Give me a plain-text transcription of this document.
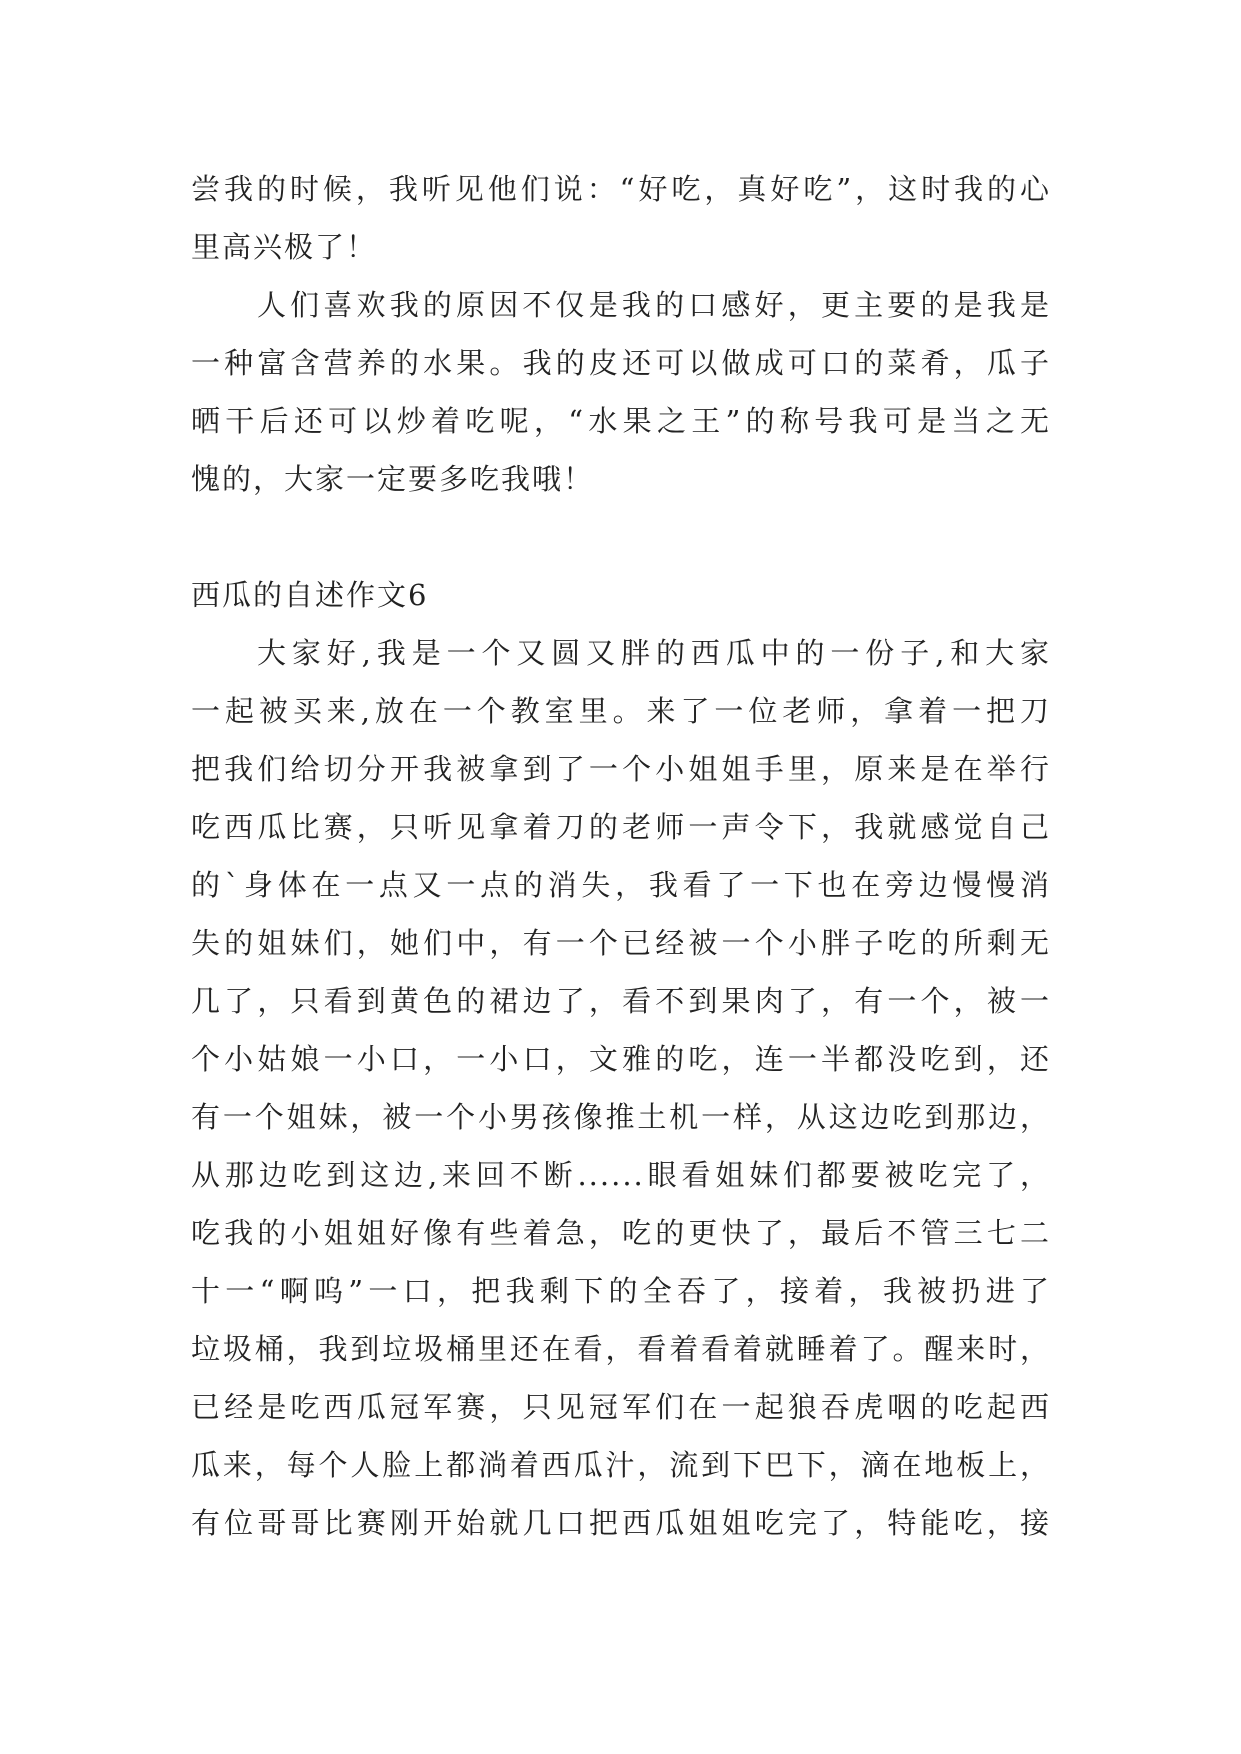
尝我的时候，我听见他们说：“好吃，真好吃”，这时我的心
里高兴极了！
人们喜欢我的原因不仅是我的口感好，更主要的是我是
一种富含营养的水果。我的皮还可以做成可口的菜肴，瓜子
晒干后还可以炒着吃呢，“水果之王”的称号我可是当之无
愧的，大家一定要多吃我哦！
西瓜的自述作文6
大家好,我是一个又圆又胖的西瓜中的一份子,和大家
一起被买来,放在一个教室里。来了一位老师，拿着一把刀
把我们给切分开我被拿到了一个小姐姐手里，原来是在举行
吃西瓜比赛，只听见拿着刀的老师一声令下，我就感觉自己
的`身体在一点又一点的消失，我看了一下也在旁边慢慢消
失的姐妹们，她们中，有一个已经被一个小胖子吃的所剩无
几了，只看到黄色的裙边了，看不到果肉了，有一个，被一
个小姑娘一小口，一小口，文雅的吃，连一半都没吃到，还
有一个姐妹，被一个小男孩像推土机一样，从这边吃到那边，
从那边吃到这边,来回不断......眼看姐妹们都要被吃完了，
吃我的小姐姐好像有些着急，吃的更快了，最后不管三七二
十一“啊呜”一口，把我剩下的全吞了，接着，我被扔进了
垃圾桶，我到垃圾桶里还在看，看着看着就睡着了。醒来时，
已经是吃西瓜冠军赛，只见冠军们在一起狼吞虎咽的吃起西
瓜来，每个人脸上都淌着西瓜汁，流到下巴下，滴在地板上，
有位哥哥比赛刚开始就几口把西瓜姐姐吃完了，特能吃，接
